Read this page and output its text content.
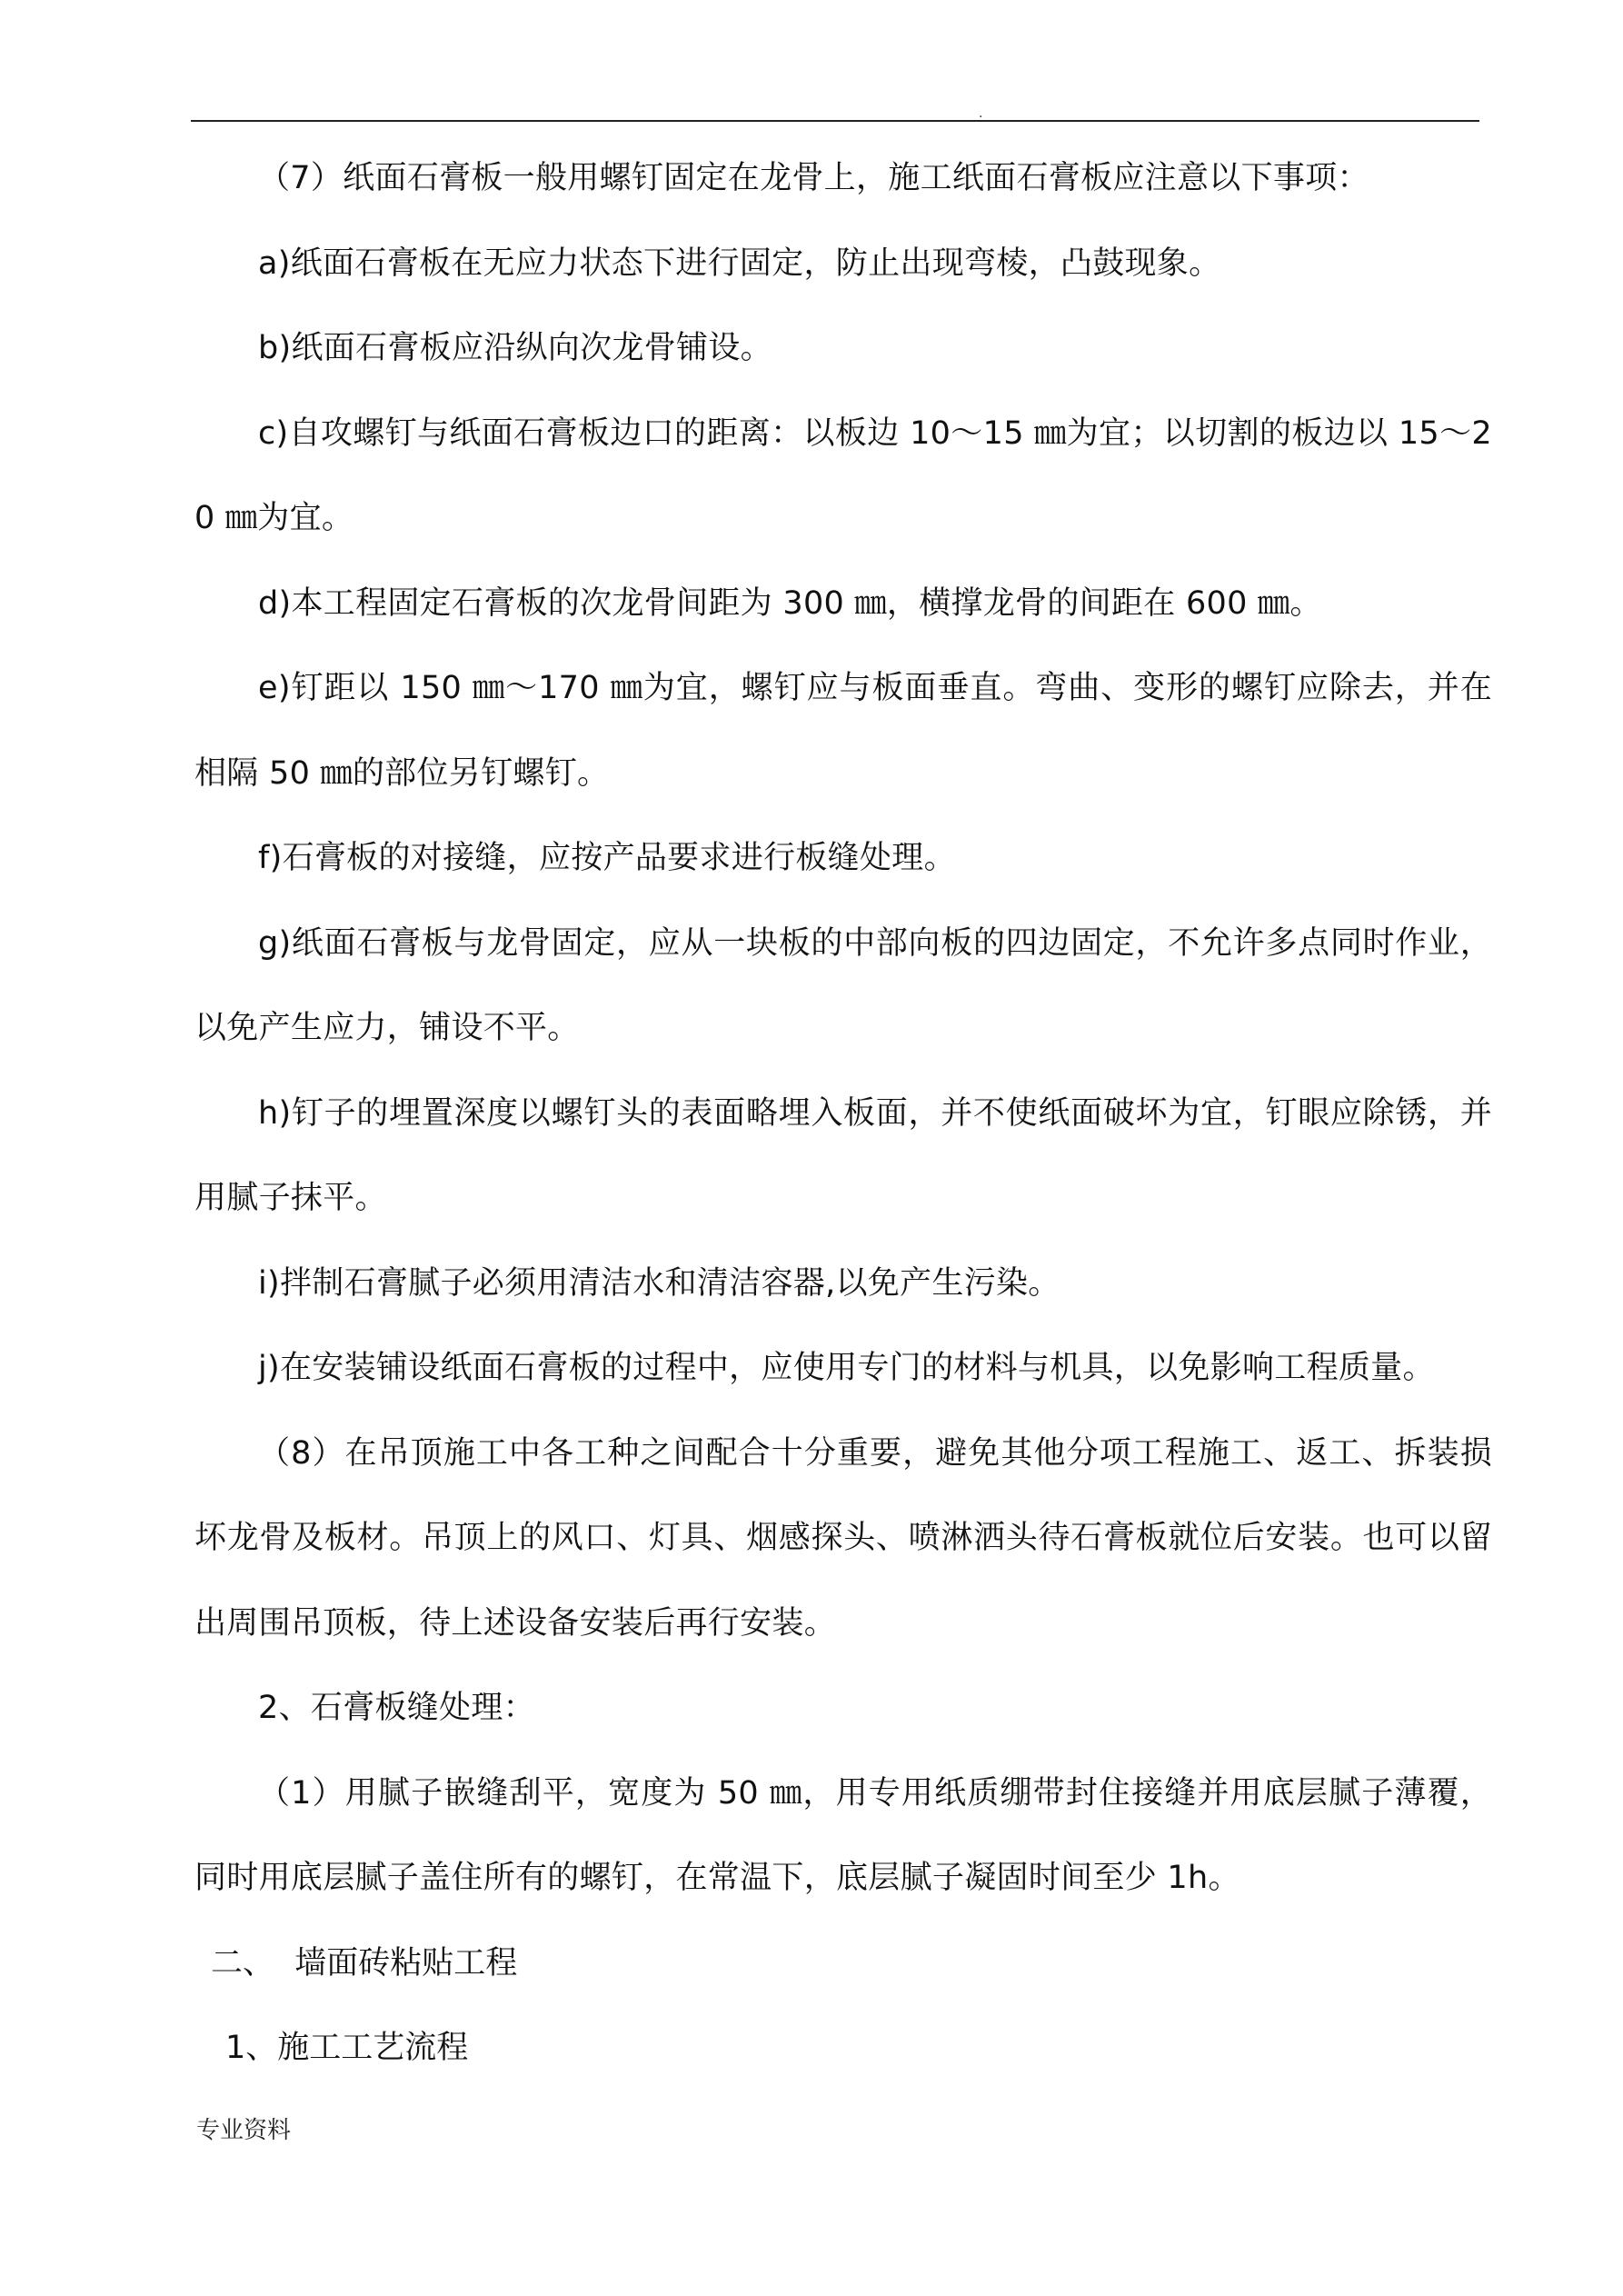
.

（7）纸面石膏板一般用螺钉固定在龙骨上，施工纸面石膏板应注意以下事项：

a)纸面石膏板在无应力状态下进行固定，防止出现弯棱，凸鼓现象。

b)纸面石膏板应沿纵向次龙骨铺设。

c)自攻螺钉与纸面石膏板边口的距离：以板边 10～15 ㎜为宜；以切割的板边以 15～20 ㎜为宜。

d)本工程固定石膏板的次龙骨间距为 300 ㎜，横撑龙骨的间距在 600 ㎜。

e)钉距以 150 ㎜～170 ㎜为宜，螺钉应与板面垂直。弯曲、变形的螺钉应除去，并在相隔 50 ㎜的部位另钉螺钉。

f)石膏板的对接缝，应按产品要求进行板缝处理。

g)纸面石膏板与龙骨固定，应从一块板的中部向板的四边固定，不允许多点同时作业，以免产生应力，铺设不平。

h)钉子的埋置深度以螺钉头的表面略埋入板面，并不使纸面破坏为宜，钉眼应除锈，并用腻子抹平。

i)拌制石膏腻子必须用清洁水和清洁容器,以免产生污染。

j)在安装铺设纸面石膏板的过程中，应使用专门的材料与机具，以免影响工程质量。

（8）在吊顶施工中各工种之间配合十分重要，避免其他分项工程施工、返工、拆装损坏龙骨及板材。吊顶上的风口、灯具、烟感探头、喷淋洒头待石膏板就位后安装。也可以留出周围吊顶板，待上述设备安装后再行安装。

2、石膏板缝处理：

（1）用腻子嵌缝刮平，宽度为 50 ㎜，用专用纸质绷带封住接缝并用底层腻子薄覆，同时用底层腻子盖住所有的螺钉，在常温下，底层腻子凝固时间至少 1h。

二、  墙面砖粘贴工程

1、施工工艺流程

专业资料
